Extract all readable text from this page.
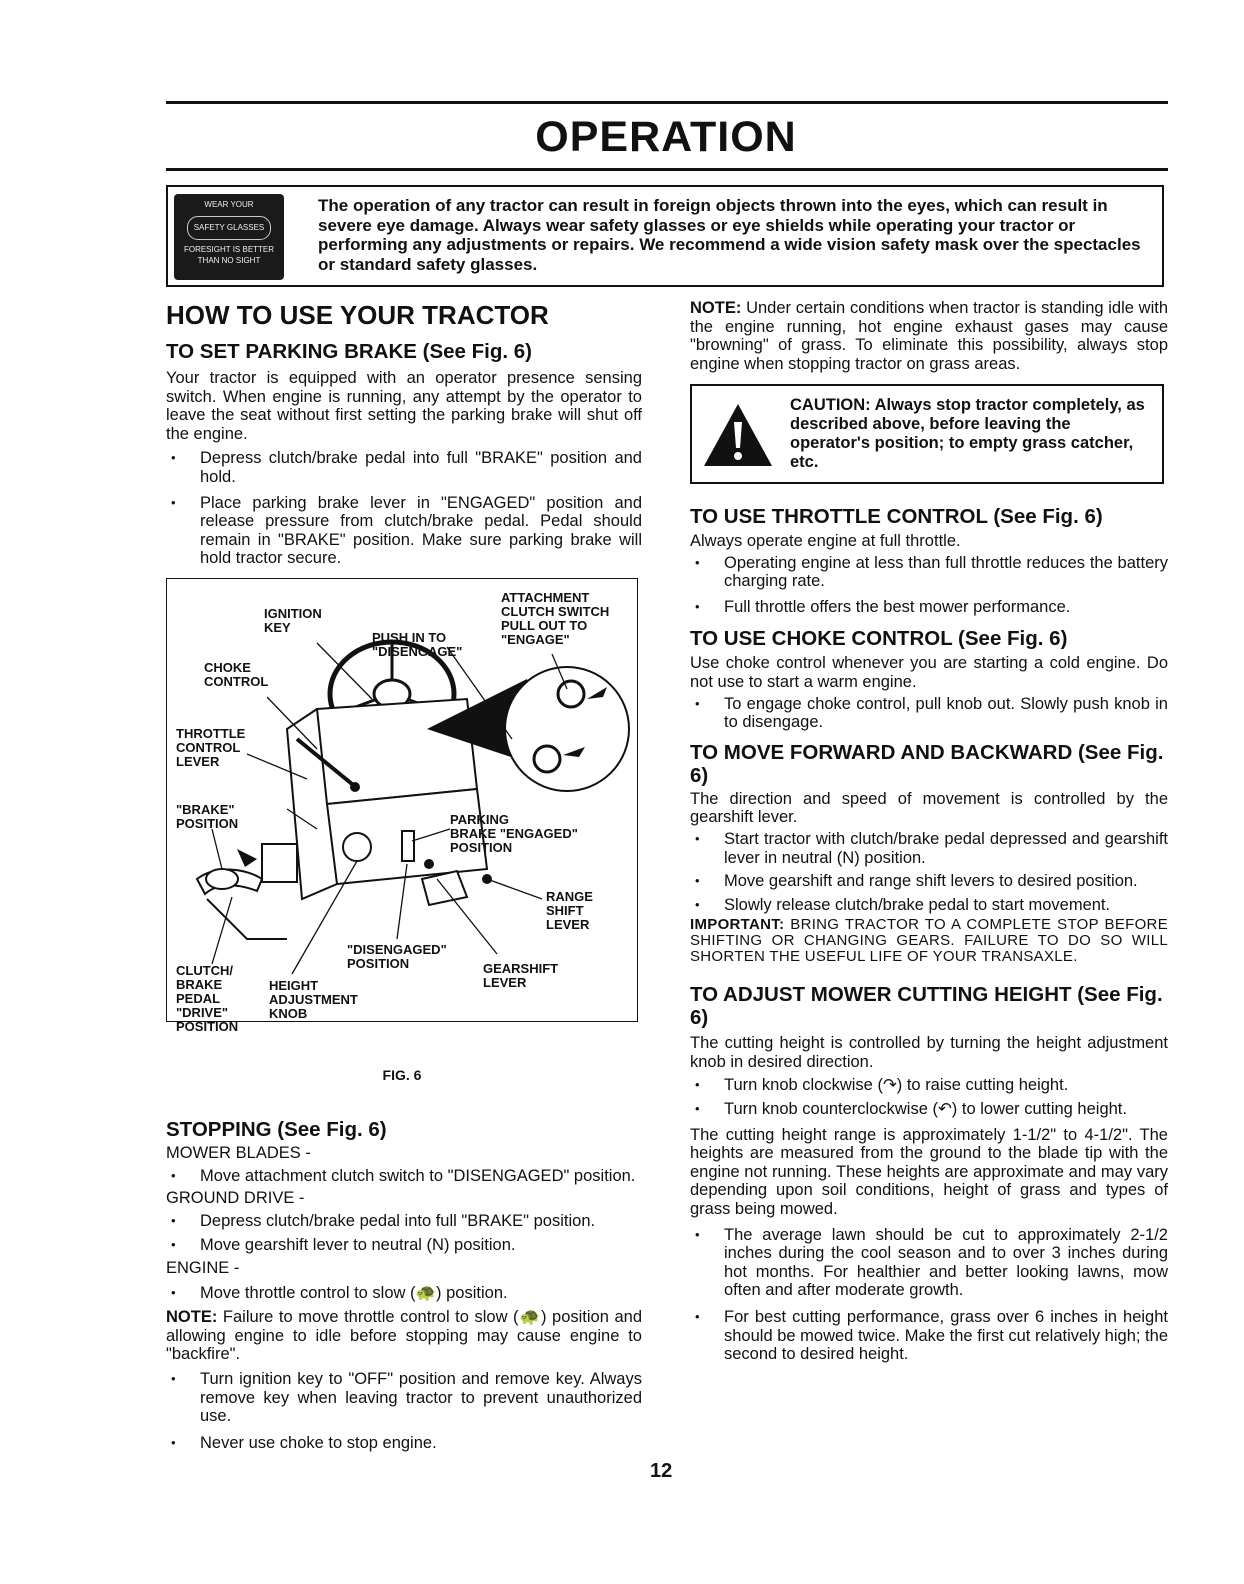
OPERATION
WEAR YOUR
SAFETY GLASSES
FORESIGHT IS BETTER
THAN NO SIGHT
The operation of any tractor can result in foreign objects thrown into the eyes, which can result in severe eye damage. Always wear safety glasses or eye shields while operating your tractor or performing any adjustments or repairs. We recommend a wide vision safety mask over the spectacles or standard safety glasses.
HOW TO USE YOUR TRACTOR
TO SET PARKING BRAKE (See Fig. 6)

Your tractor is equipped with an operator presence sensing switch. When engine is running, any attempt by the operator to leave the seat without first setting the parking brake will shut off the engine.

• Depress clutch/brake pedal into full "BRAKE" position and hold.
• Place parking brake lever in "ENGAGED" position and release pressure from clutch/brake pedal. Pedal should remain in "BRAKE" position. Make sure parking brake will hold tractor secure.
IGNITION
KEY
PUSH IN TO
"DISENGAGE"
ATTACHMENT
CLUTCH SWITCH
PULL OUT TO
"ENGAGE"
CHOKE
CONTROL
THROTTLE
CONTROL
LEVER
"BRAKE"
POSITION	PARKING
BRAKE "ENGAGED"
POSITION
RANGE
SHIFT
LEVER
"DISENGAGED"
POSITION	GEARSHIFT
LEVER
CLUTCH/
BRAKE
PEDAL
"DRIVE"
POSITION
HEIGHT
ADJUSTMENT
KNOB
FIG. 6
STOPPING (See Fig. 6)
MOWER BLADES -
• Move attachment clutch switch to "DISENGAGED" position.
GROUND DRIVE -
• Depress clutch/brake pedal into full "BRAKE" position.
• Move gearshift lever to neutral (N) position.
ENGINE -
• Move throttle control to slow (🐢) position.

NOTE: Failure to move throttle control to slow (🐢) position and allowing engine to idle before stopping may cause engine to "backfire".

• Turn ignition key to "OFF" position and remove key. Always remove key when leaving tractor to prevent unauthorized use.
• Never use choke to stop engine.
12

NOTE: Under certain conditions when tractor is standing idle with the engine running, hot engine exhaust gases may cause "browning" of grass. To eliminate this possibility, always stop engine when stopping tractor on grass areas.

CAUTION: Always stop tractor completely, as described above, before leaving the operator's position; to empty grass catcher, etc.
TO USE THROTTLE CONTROL (See Fig. 6)

Always operate engine at full throttle.

• Operating engine at less than full throttle reduces the battery charging rate.
• Full throttle offers the best mower performance.
TO USE CHOKE CONTROL (See Fig. 6)

Use choke control whenever you are starting a cold engine. Do not use to start a warm engine.

• To engage choke control, pull knob out. Slowly push knob in to disengage.
TO MOVE FORWARD AND BACKWARD (See Fig. 6)

The direction and speed of movement is controlled by the gearshift lever.

• Start tractor with clutch/brake pedal depressed and gearshift lever in neutral (N) position.
• Move gearshift and range shift levers to desired position.
• Slowly release clutch/brake pedal to start movement.

IMPORTANT: BRING TRACTOR TO A COMPLETE STOP BEFORE SHIFTING OR CHANGING GEARS. FAILURE TO DO SO WILL SHORTEN THE USEFUL LIFE OF YOUR TRANSAXLE.

TO ADJUST MOWER CUTTING HEIGHT (See Fig. 6)

The cutting height is controlled by turning the height adjustment knob in desired direction.

• Turn knob clockwise (↷) to raise cutting height.
• Turn knob counterclockwise (↶) to lower cutting height.

The cutting height range is approximately 1-1/2" to 4-1/2". The heights are measured from the ground to the blade tip with the engine not running. These heights are approximate and may vary depending upon soil conditions, height of grass and types of grass being mowed.

• The average lawn should be cut to approximately 2-1/2 inches during the cool season and to over 3 inches during hot months. For healthier and better looking lawns, mow often and after moderate growth.
• For best cutting performance, grass over 6 inches in height should be mowed twice. Make the first cut relatively high; the second to desired height.
